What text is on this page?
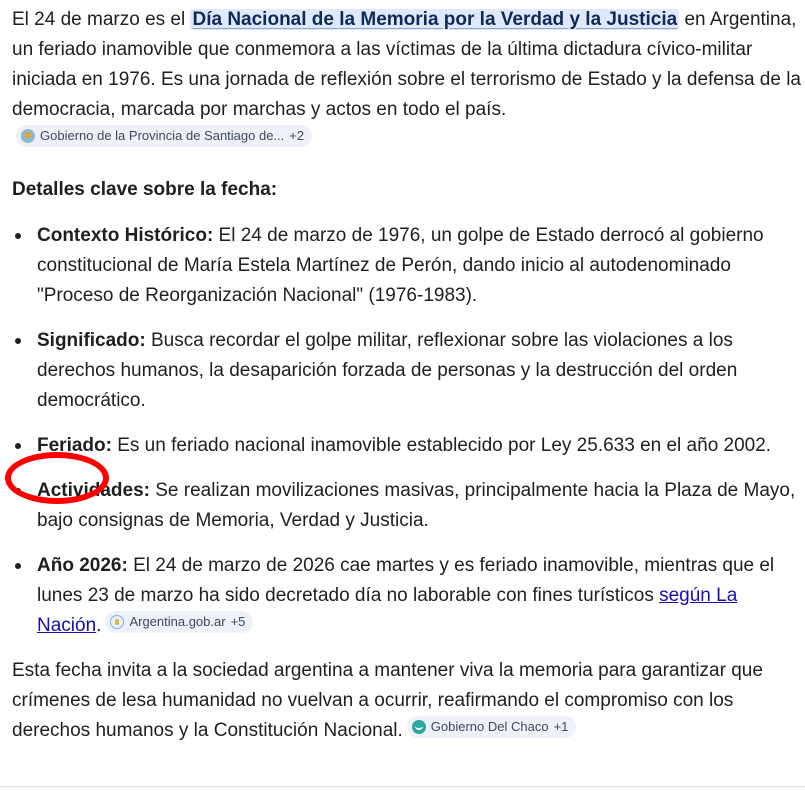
El 24 de marzo es el Día Nacional de la Memoria por la Verdad y la Justicia en Argentina, un feriado inamovible que conmemora a las víctimas de la última dictadura cívico-militar iniciada en 1976. Es una jornada de reflexión sobre el terrorismo de Estado y la defensa de la democracia, marcada por marchas y actos en todo el país.
Gobierno de la Provincia de Santiago de... +2

Detalles clave sobre la fecha:

Contexto Histórico: El 24 de marzo de 1976, un golpe de Estado derrocó al gobierno constitucional de María Estela Martínez de Perón, dando inicio al autodenominado "Proceso de Reorganización Nacional" (1976-1983).
Significado: Busca recordar el golpe militar, reflexionar sobre las violaciones a los derechos humanos, la desaparición forzada de personas y la destrucción del orden democrático.
Feriado: Es un feriado nacional inamovible establecido por Ley 25.633 en el año 2002.
Actividades: Se realizan movilizaciones masivas, principalmente hacia la Plaza de Mayo, bajo consignas de Memoria, Verdad y Justicia.
Año 2026: El 24 de marzo de 2026 cae martes y es feriado inamovible, mientras que el lunes 23 de marzo ha sido decretado día no laborable con fines turísticos según La Nación. Argentina.gob.ar +5

Esta fecha invita a la sociedad argentina a mantener viva la memoria para garantizar que crímenes de lesa humanidad no vuelvan a ocurrir, reafirmando el compromiso con los derechos humanos y la Constitución Nacional. Gobierno Del Chaco +1
